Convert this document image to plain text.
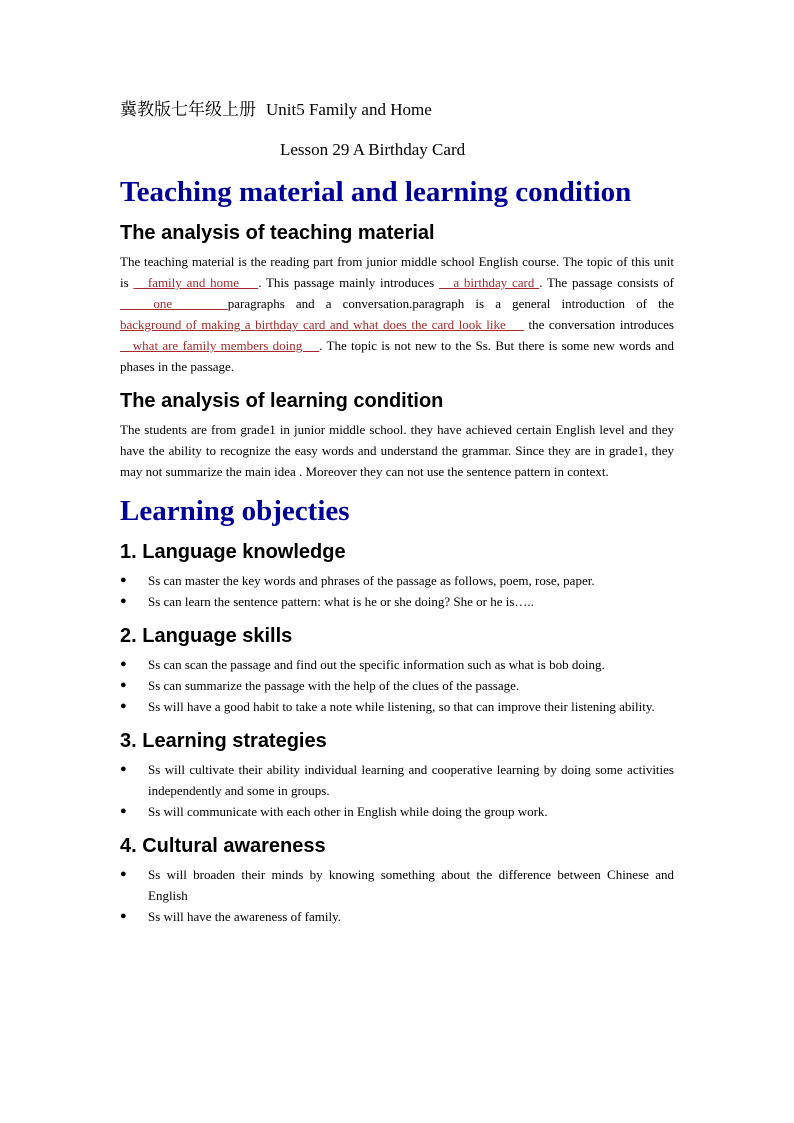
冀教版七年级上册 Unit5 Family and Home

Lesson 29 A Birthday Card

Teaching material and learning condition
The analysis of teaching material

The teaching material is the reading part from junior middle school English course. The topic of this unit is    family and home    . This passage mainly introduces    a birthday card . The passage consists of    one     paragraphs and a conversation.paragraph is a general introduction of the background of making a birthday card and what does the card look like     the conversation introduces    what are family members doing    . The topic is not new to the Ss. But there is some new words and phases in the passage.

The analysis of learning condition

The students are from grade1 in junior middle school. they have achieved certain English level and they have the ability to recognize the easy words and understand the grammar. Since they are in grade1, they may not summarize the main idea . Moreover they can not use the sentence pattern in context.

Learning objecties
1. Language knowledge
● Ss can master the key words and phrases of the passage as follows, poem, rose, paper.
● Ss can learn the sentence pattern: what is he or she doing? She or he is…..
2. Language skills
● Ss can scan the passage and find out the specific information such as what is bob doing.
● Ss can summarize the passage with the help of the clues of the passage.
● Ss will have a good habit to take a note while listening, so that can improve their listening ability.
3. Learning strategies
● Ss will cultivate their ability individual learning and cooperative learning by doing some activities independently and some in groups.
● Ss will communicate with each other in English while doing the group work.
4. Cultural awareness
● Ss will broaden their minds by knowing something about the difference between Chinese and English
● Ss will have the awareness of family.
